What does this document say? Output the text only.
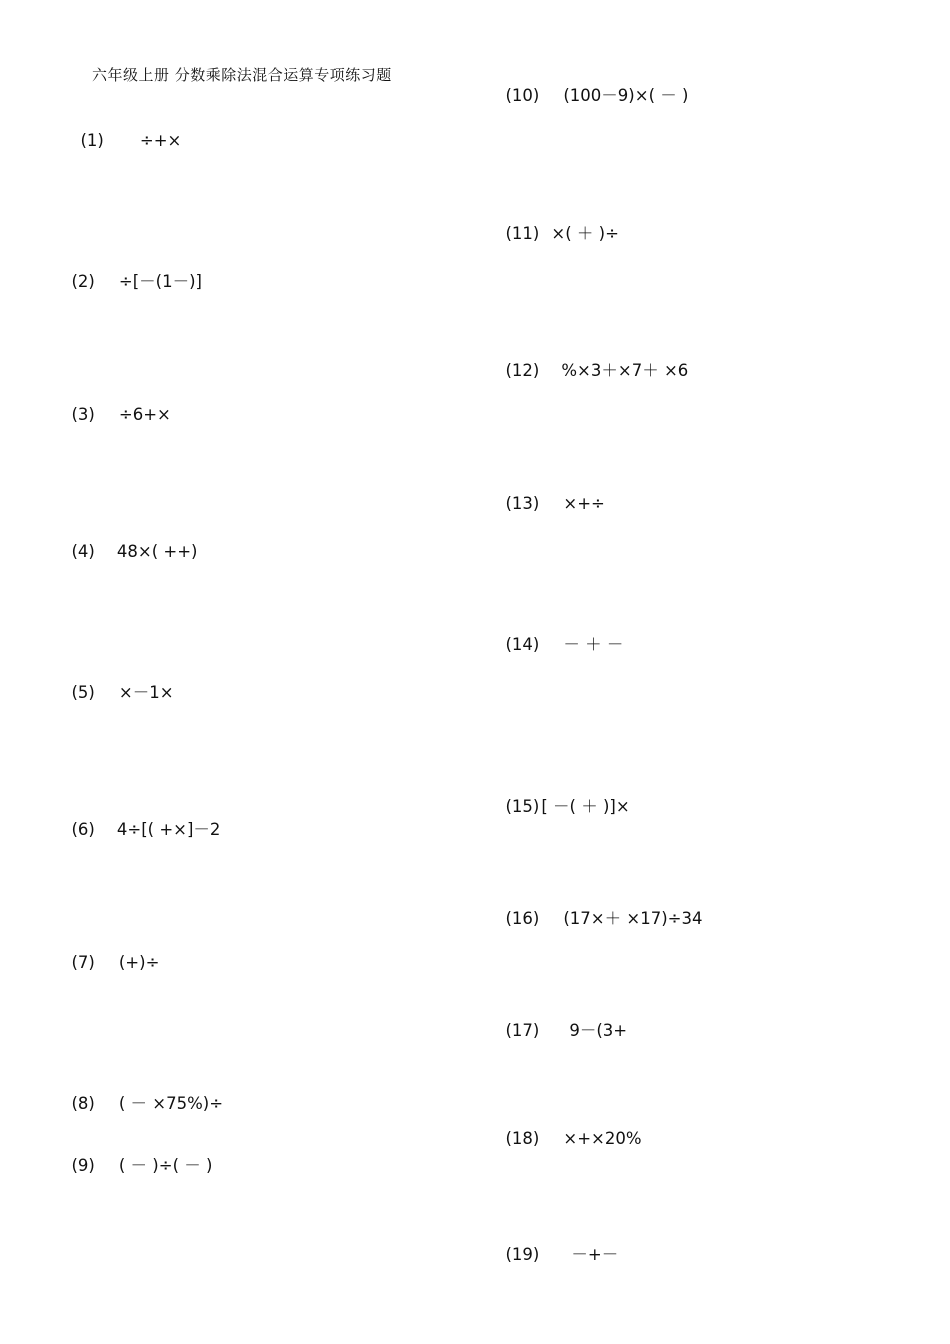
六年级上册 分数乘除法混合运算专项练习题

(1) ÷+×

(2) ÷[－(1－)]

(3) ÷6+×

(4) 48×( ++)

(5) ×－1×

(6) 4÷[( +×]－2

(7) (+)÷

(8) ( － ×75%)÷

(9) ( － )÷( － )

(10) (100－9)×( － )

(11) ×( ＋ )÷

(12) %×3＋×7＋ ×6

(13) ×+÷

(14) － ＋ －

(15) [ －( ＋ )]×

(16) (17×＋ ×17)÷34

(17) 9－(3+

(18) ×+×20%

(19) －+－
